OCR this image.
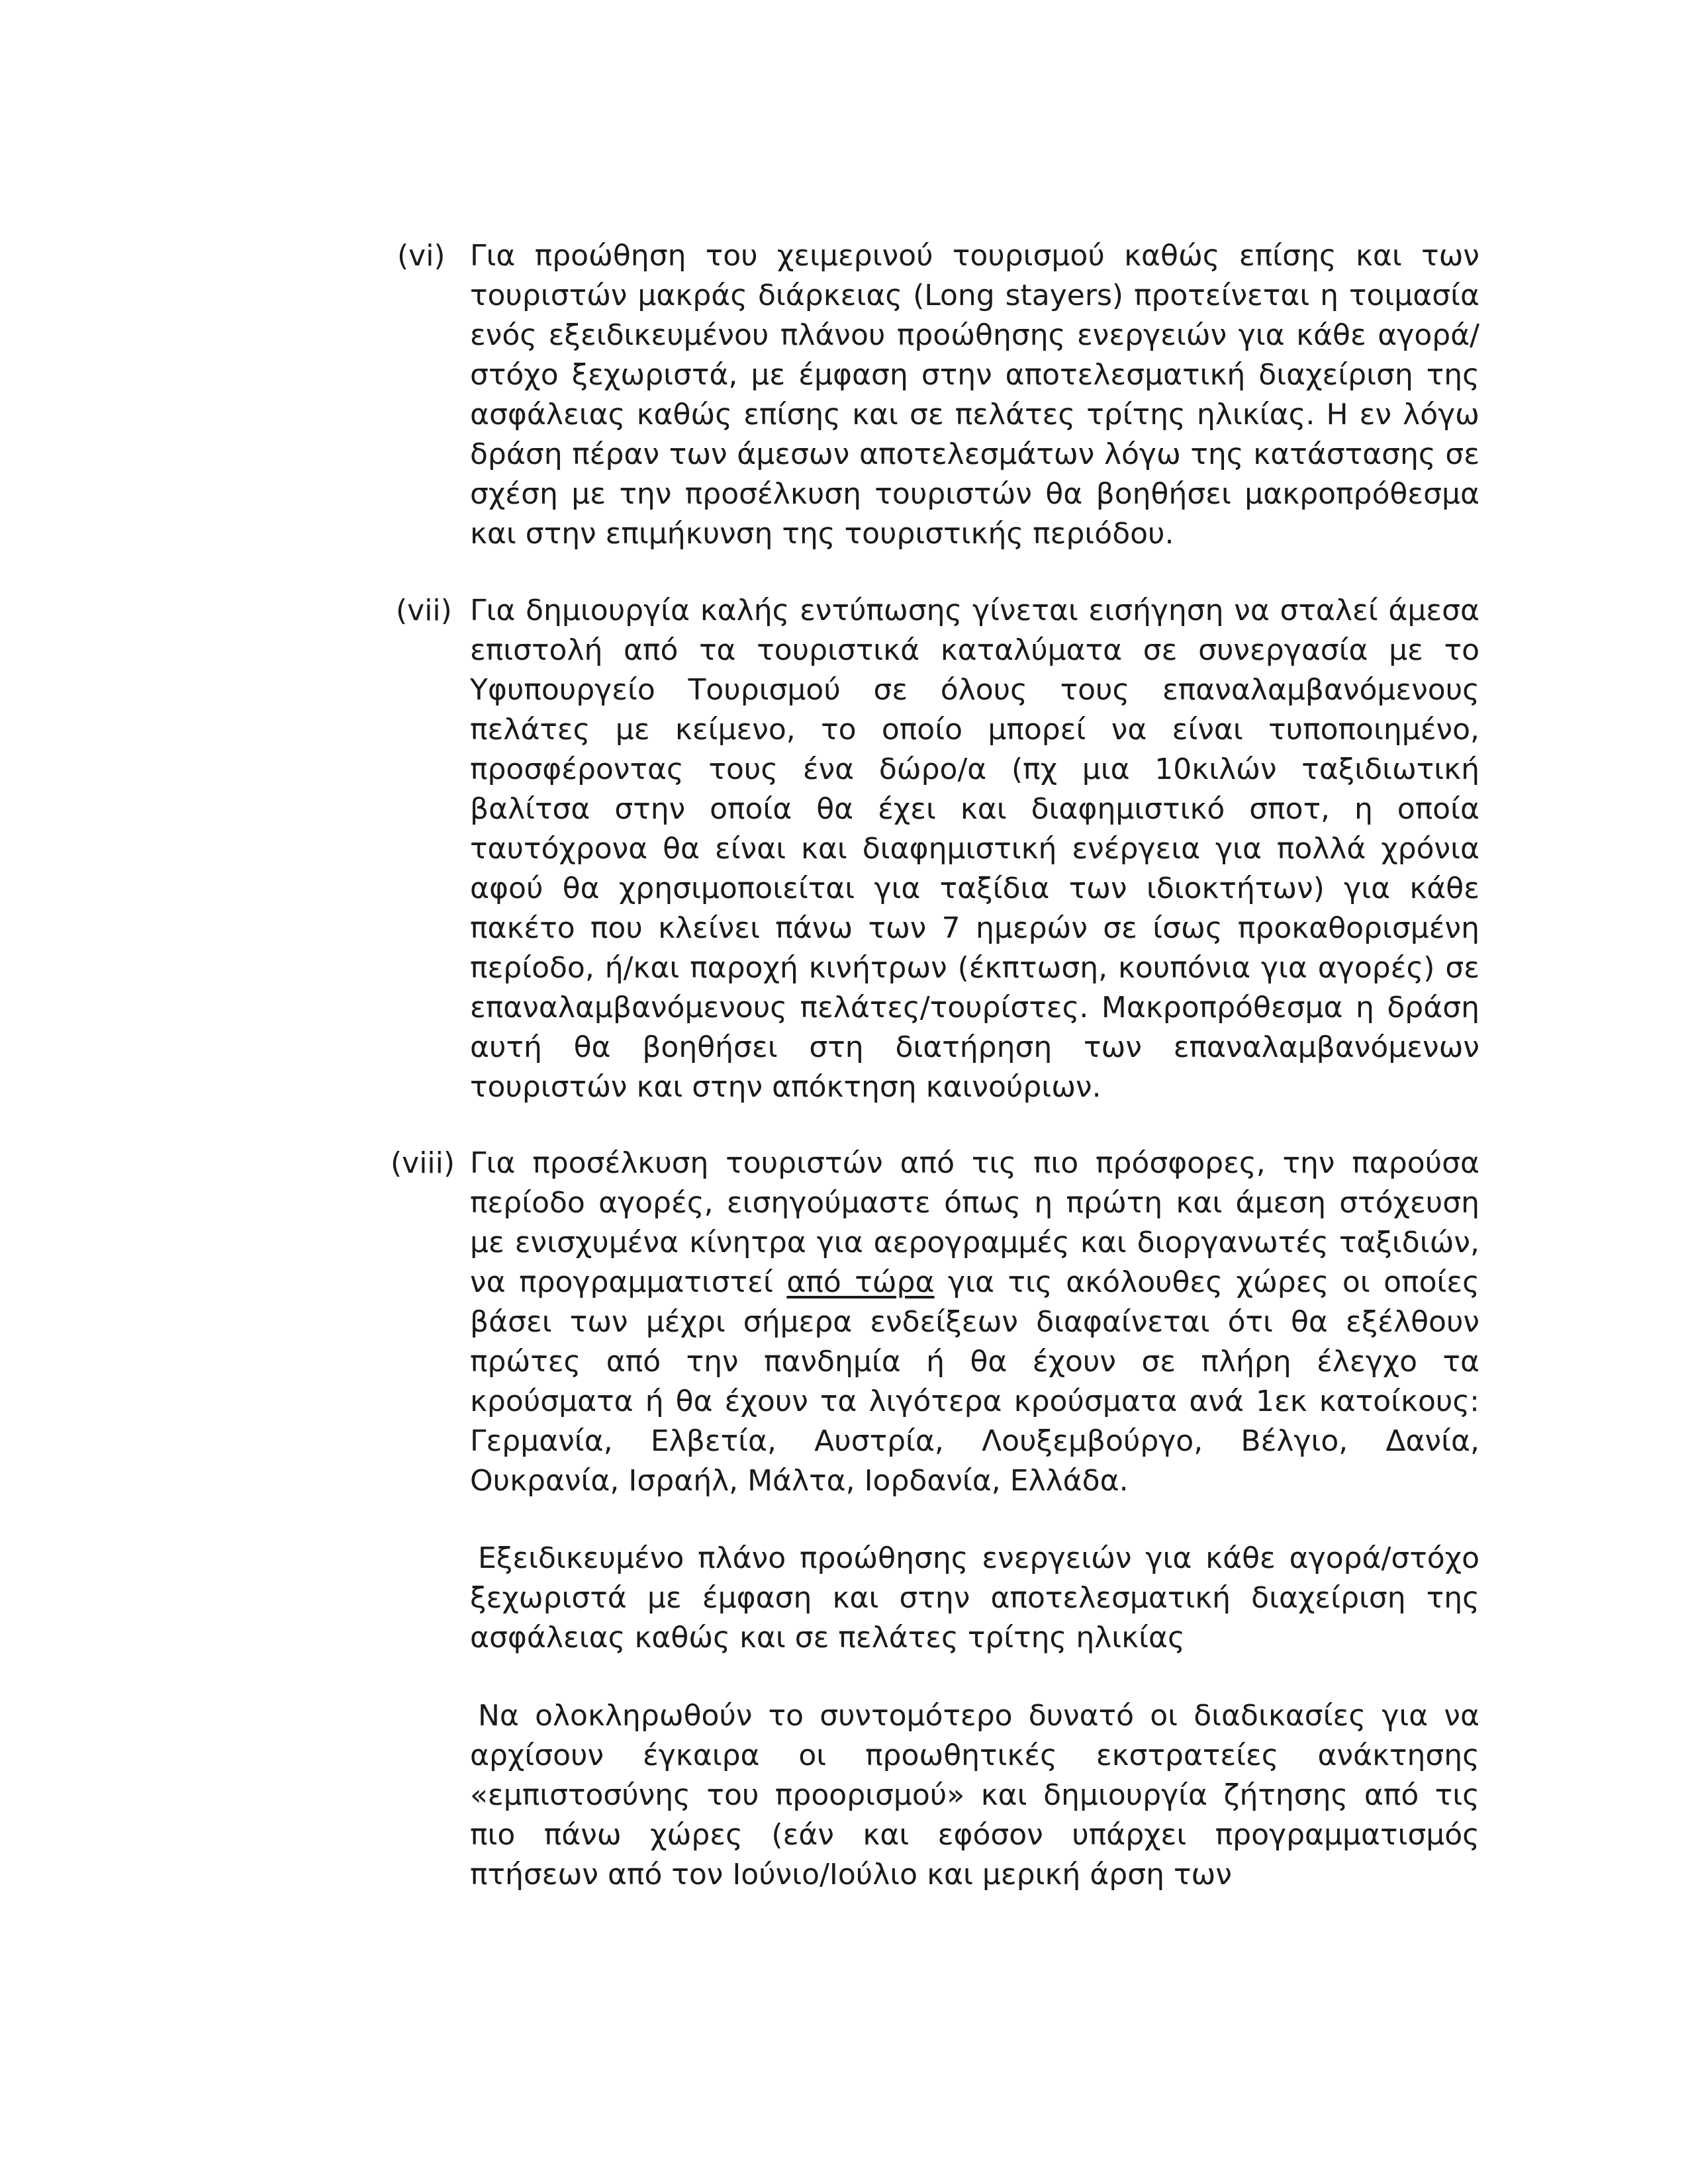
(vi) Για προώθηση του χειμερινού τουρισμού καθώς επίσης και των τουριστών μακράς διάρκειας (Long stayers) προτείνεται η τοιμασία ενός εξειδικευμένου πλάνου προώθησης ενεργειών για κάθε αγορά/στόχο ξεχωριστά, με έμφαση στην αποτελεσματική διαχείριση της ασφάλειας καθώς επίσης και σε πελάτες τρίτης ηλικίας. Η εν λόγω δράση πέραν των άμεσων αποτελεσμάτων λόγω της κατάστασης σε σχέση με την προσέλκυση τουριστών θα βοηθήσει μακροπρόθεσμα και στην επιμήκυνση της τουριστικής περιόδου.
(vii) Για δημιουργία καλής εντύπωσης γίνεται εισήγηση να σταλεί άμεσα επιστολή από τα τουριστικά καταλύματα σε συνεργασία με το Υφυπουργείο Τουρισμού σε όλους τους επαναλαμβανόμενους πελάτες με κείμενο, το οποίο μπορεί να είναι τυποποιημένο, προσφέροντας τους ένα δώρο/α (πχ μια 10κιλών ταξιδιωτική βαλίτσα στην οποία θα έχει και διαφημιστικό σποτ, η οποία ταυτόχρονα θα είναι και διαφημιστική ενέργεια για πολλά χρόνια αφού θα χρησιμοποιείται για ταξίδια των ιδιοκτήτων) για κάθε πακέτο που κλείνει πάνω των 7 ημερών σε ίσως προκαθορισμένη περίοδο, ή/και παροχή κινήτρων (έκπτωση, κουπόνια για αγορές) σε επαναλαμβανόμενους πελάτες/τουρίστες. Μακροπρόθεσμα η δράση αυτή θα βοηθήσει στη διατήρηση των επαναλαμβανόμενων τουριστών και στην απόκτηση καινούριων.
(viii) Για προσέλκυση τουριστών από τις πιο πρόσφορες, την παρούσα περίοδο αγορές, εισηγούμαστε όπως η πρώτη και άμεση στόχευση με ενισχυμένα κίνητρα για αερογραμμές και διοργανωτές ταξιδιών, να προγραμματιστεί από τώρα για τις ακόλουθες χώρες οι οποίες βάσει των μέχρι σήμερα ενδείξεων διαφαίνεται ότι θα εξέλθουν πρώτες από την πανδημία ή θα έχουν σε πλήρη έλεγχο τα κρούσματα ή θα έχουν τα λιγότερα κρούσματα ανά 1εκ κατοίκους: Γερμανία, Ελβετία, Αυστρία, Λουξεμβούργο, Βέλγιο, Δανία, Ουκρανία, Ισραήλ, Μάλτα, Ιορδανία, Ελλάδα.
Εξειδικευμένο πλάνο προώθησης ενεργειών για κάθε αγορά/στόχο ξεχωριστά με έμφαση και στην αποτελεσματική διαχείριση της ασφάλειας καθώς και σε πελάτες τρίτης ηλικίας
Να ολοκληρωθούν το συντομότερο δυνατό οι διαδικασίες για να αρχίσουν έγκαιρα οι προωθητικές εκστρατείες ανάκτησης «εμπιστοσύνης του προορισμού» και δημιουργία ζήτησης από τις πιο πάνω χώρες (εάν και εφόσον υπάρχει προγραμματισμός πτήσεων από τον Ιούνιο/Ιούλιο και μερική άρση των
